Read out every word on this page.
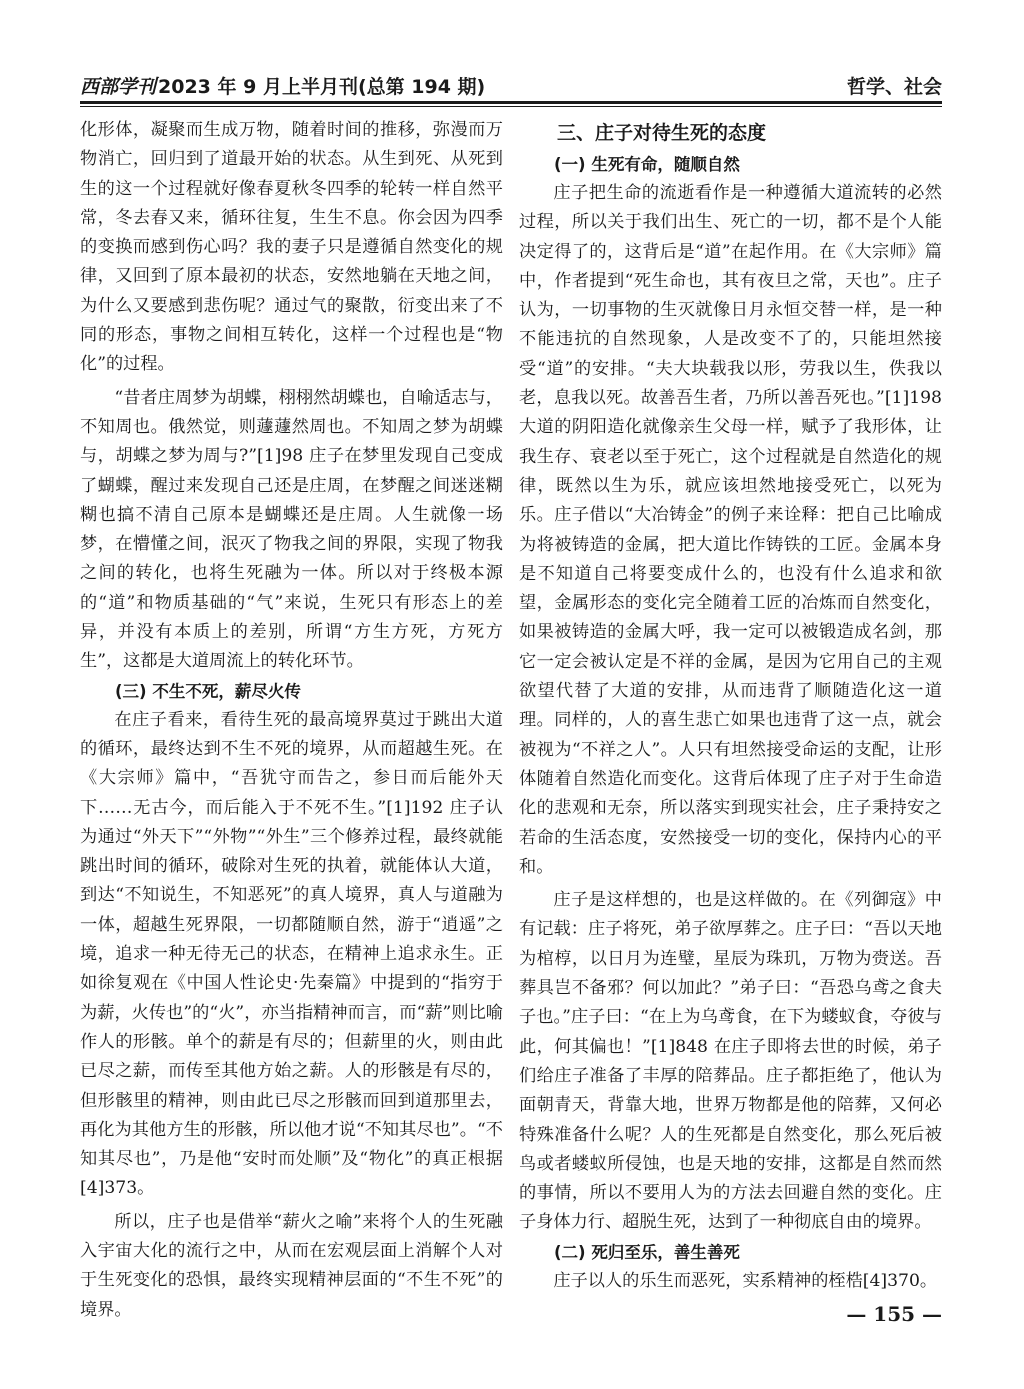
西部学刊 2023 年 9 月上半月刊(总第 194 期)	哲学、社会

化形体，凝聚而生成万物，随着时间的推移，弥漫而万物消亡，回归到了道最开始的状态。从生到死、从死到生的这一个过程就好像春夏秋冬四季的轮转一样自然平常，冬去春又来，循环往复，生生不息。你会因为四季的变换而感到伤心吗？我的妻子只是遵循自然变化的规律，又回到了原本最初的状态，安然地躺在天地之间，为什么又要感到悲伤呢？通过气的聚散，衍变出来了不同的形态，事物之间相互转化，这样一个过程也是“物化”的过程。

“昔者庄周梦为胡蝶，栩栩然胡蝶也，自喻适志与，不知周也。俄然觉，则蘧蘧然周也。不知周之梦为胡蝶与，胡蝶之梦为周与?”[1]98 庄子在梦里发现自己变成了蝴蝶，醒过来发现自己还是庄周，在梦醒之间迷迷糊糊也搞不清自己原本是蝴蝶还是庄周。人生就像一场梦，在懵懂之间，泯灭了物我之间的界限，实现了物我之间的转化，也将生死融为一体。所以对于终极本源的“道”和物质基础的“气”来说，生死只有形态上的差异，并没有本质上的差别，所谓“方生方死，方死方生”，这都是大道周流上的转化环节。

(三) 不生不死，薪尽火传

在庄子看来，看待生死的最高境界莫过于跳出大道的循环，最终达到不生不死的境界，从而超越生死。在《大宗师》篇中，“吾犹守而告之，参日而后能外天下……无古今，而后能入于不死不生。”[1]192 庄子认为通过“外天下”“外物”“外生”三个修养过程，最终就能跳出时间的循环，破除对生死的执着，就能体认大道，到达“不知说生，不知恶死”的真人境界，真人与道融为一体，超越生死界限，一切都随顺自然，游于“逍遥”之境，追求一种无待无己的状态，在精神上追求永生。正如徐复观在《中国人性论史·先秦篇》中提到的“指穷于为薪，火传也”的“火”，亦当指精神而言，而“薪”则比喻作人的形骸。单个的薪是有尽的；但薪里的火，则由此已尽之薪，而传至其他方始之薪。人的形骸是有尽的，但形骸里的精神，则由此已尽之形骸而回到道那里去，再化为其他方生的形骸，所以他才说“不知其尽也”。“不知其尽也”，乃是他“安时而处顺”及“物化”的真正根据[4]373。

所以，庄子也是借举“薪火之喻”来将个人的生死融入宇宙大化的流行之中，从而在宏观层面上消解个人对于生死变化的恐惧，最终实现精神层面的“不生不死”的境界。

三、庄子对待生死的态度
(一) 生死有命，随顺自然

庄子把生命的流逝看作是一种遵循大道流转的必然过程，所以关于我们出生、死亡的一切，都不是个人能决定得了的，这背后是“道”在起作用。在《大宗师》篇中，作者提到“死生命也，其有夜旦之常，天也”。庄子认为，一切事物的生灭就像日月永恒交替一样，是一种不能违抗的自然现象，人是改变不了的，只能坦然接受“道”的安排。“夫大块载我以形，劳我以生，佚我以老，息我以死。故善吾生者，乃所以善吾死也。”[1]198 大道的阴阳造化就像亲生父母一样，赋予了我形体，让我生存、衰老以至于死亡，这个过程就是自然造化的规律，既然以生为乐，就应该坦然地接受死亡，以死为乐。庄子借以“大冶铸金”的例子来诠释：把自己比喻成为将被铸造的金属，把大道比作铸铁的工匠。金属本身是不知道自己将要变成什么的，也没有什么追求和欲望，金属形态的变化完全随着工匠的冶炼而自然变化，如果被铸造的金属大呼，我一定可以被锻造成名剑，那它一定会被认定是不祥的金属，是因为它用自己的主观欲望代替了大道的安排，从而违背了顺随造化这一道理。同样的，人的喜生悲亡如果也违背了这一点，就会被视为“不祥之人”。人只有坦然接受命运的支配，让形体随着自然造化而变化。这背后体现了庄子对于生命造化的悲观和无奈，所以落实到现实社会，庄子秉持安之若命的生活态度，安然接受一切的变化，保持内心的平和。

庄子是这样想的，也是这样做的。在《列御寇》中有记载：庄子将死，弟子欲厚葬之。庄子曰：“吾以天地为棺椁，以日月为连璧，星辰为珠玑，万物为赍送。吾葬具岂不备邪？何以加此？”弟子曰：“吾恐乌鸢之食夫子也。”庄子曰：“在上为乌鸢食，在下为蝼蚁食，夺彼与此，何其偏也！”[1]848 在庄子即将去世的时候，弟子们给庄子准备了丰厚的陪葬品。庄子都拒绝了，他认为面朝青天，背靠大地，世界万物都是他的陪葬，又何必特殊准备什么呢？人的生死都是自然变化，那么死后被鸟或者蝼蚁所侵蚀，也是天地的安排，这都是自然而然的事情，所以不要用人为的方法去回避自然的变化。庄子身体力行、超脱生死，达到了一种彻底自由的境界。

(二) 死归至乐，善生善死

庄子以人的乐生而恶死，实系精神的桎梏[4]370。

— 155 —
